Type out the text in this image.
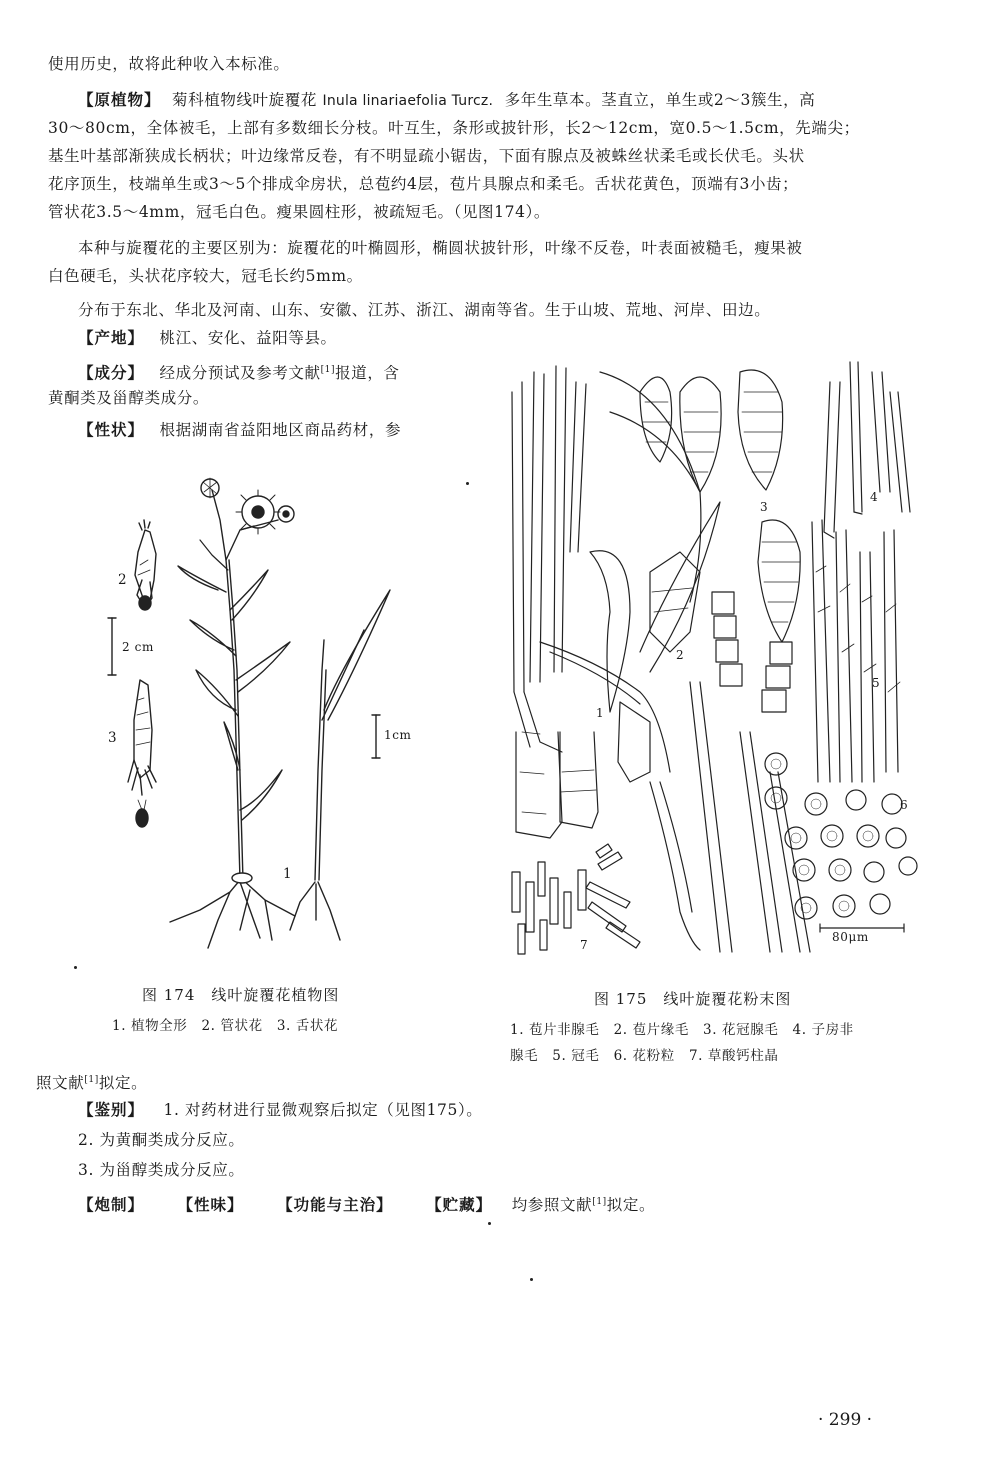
使用历史，故将此种收入本标准。
【原植物】 菊科植物线叶旋覆花 Inula linariaefolia Turcz. 多年生草本。茎直立，单生或2～3簇生，高
30～80cm，全体被毛，上部有多数细长分枝。叶互生，条形或披针形，长2～12cm，宽0.5～1.5cm，先端尖；
基生叶基部渐狭成长柄状；叶边缘常反卷，有不明显疏小锯齿，下面有腺点及被蛛丝状柔毛或长伏毛。头状
花序顶生，枝端单生或3～5个排成伞房状，总苞约4层，苞片具腺点和柔毛。舌状花黄色，顶端有3小齿；
管状花3.5～4mm，冠毛白色。瘦果圆柱形，被疏短毛。（见图174）。
本种与旋覆花的主要区别为：旋覆花的叶椭圆形，椭圆状披针形，叶缘不反卷，叶表面被糙毛，瘦果被
白色硬毛，头状花序较大，冠毛长约5mm。
分布于东北、华北及河南、山东、安徽、江苏、浙江、湖南等省。生于山坡、荒地、河岸、田边。
【产地】 桃江、安化、益阳等县。
【成分】 经成分预试及参考文献[1]报道，含
黄酮类及甾醇类成分。
【性状】 根据湖南省益阳地区商品药材，参
照文献[1]拟定。
【鉴别】 1. 对药材进行显微观察后拟定（见图175）。
2. 为黄酮类成分反应。
3. 为甾醇类成分反应。
【炮制】 【性味】 【功能与主治】 【贮藏】 均参照文献[1]拟定。
2
2 cm
3	1cm
1
图 174　线叶旋覆花植物图
1. 植物全形　2. 管状花　3. 舌状花
1
2
3
4
5
6
7
80μm
图 175　线叶旋覆花粉末图
1. 苞片非腺毛　2. 苞片缘毛　3. 花冠腺毛　4. 子房非
腺毛　5. 冠毛　6. 花粉粒　7. 草酸钙柱晶
· 299 ·
